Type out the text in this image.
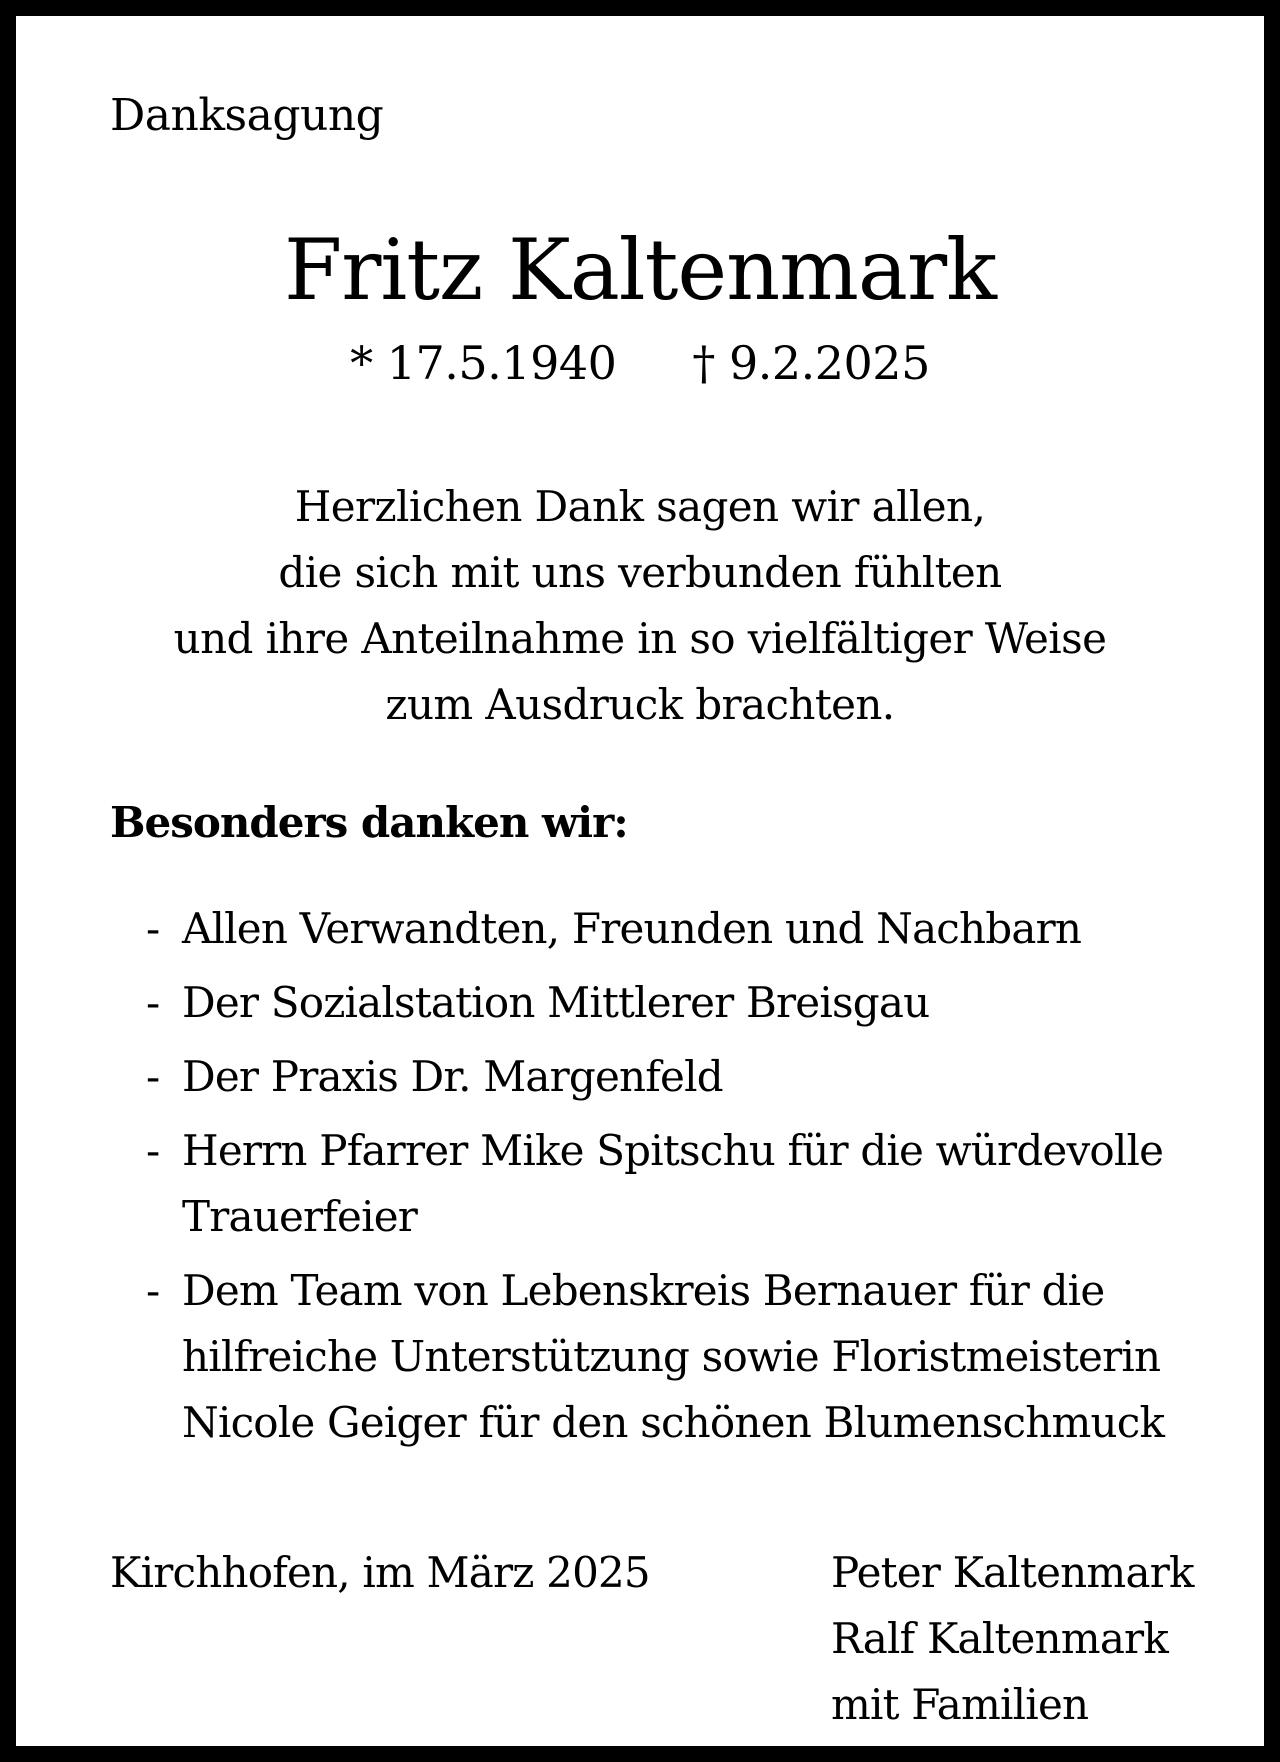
Danksagung
Fritz Kaltenmark
* 17.5.1940 † 9.2.2025
Herzlichen Dank sagen wir allen,
die sich mit uns verbunden fühlten
und ihre Anteilnahme in so vielfältiger Weise
zum Ausdruck brachten.
Besonders danken wir:
- Allen Verwandten, Freunden und Nachbarn
- Der Sozialstation Mittlerer Breisgau
- Der Praxis Dr. Margenfeld
- Herrn Pfarrer Mike Spitschu für die würdevolle Trauerfeier
- Dem Team von Lebenskreis Bernauer für die hilfreiche Unterstützung sowie Floristmeisterin Nicole Geiger für den schönen Blumenschmuck
Kirchhofen, im März 2025	Peter Kaltenmark
Ralf Kaltenmark
mit Familien
